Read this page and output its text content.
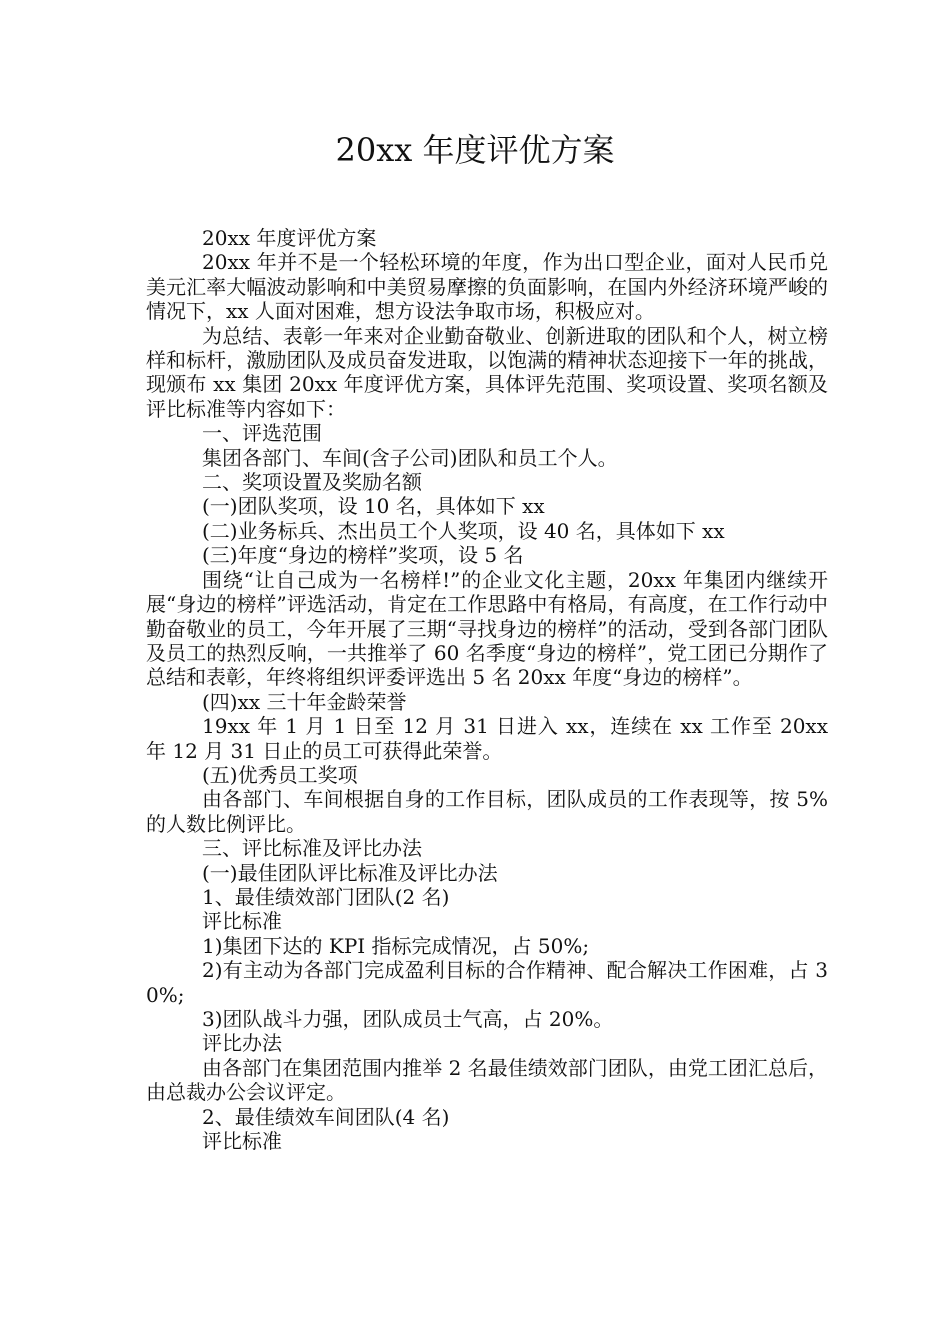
20xx 年度评优方案

20xx 年度评优方案

20xx 年并不是一个轻松环境的年度，作为出口型企业，面对人民币兑美元汇率大幅波动影响和中美贸易摩擦的负面影响，在国内外经济环境严峻的情况下，xx 人面对困难，想方设法争取市场，积极应对。

为总结、表彰一年来对企业勤奋敬业、创新进取的团队和个人，树立榜样和标杆，激励团队及成员奋发进取，以饱满的精神状态迎接下一年的挑战，现颁布 xx 集团 20xx 年度评优方案，具体评先范围、奖项设置、奖项名额及评比标准等内容如下：

一、评选范围

集团各部门、车间(含子公司)团队和员工个人。

二、奖项设置及奖励名额

(一)团队奖项，设 10 名，具体如下 xx

(二)业务标兵、杰出员工个人奖项，设 40 名，具体如下 xx

(三)年度“身边的榜样”奖项，设 5 名

围绕“让自己成为一名榜样!”的企业文化主题，20xx 年集团内继续开展“身边的榜样”评选活动，肯定在工作思路中有格局，有高度，在工作行动中勤奋敬业的员工，今年开展了三期“寻找身边的榜样”的活动，受到各部门团队及员工的热烈反响，一共推举了 60 名季度“身边的榜样”，党工团已分期作了总结和表彰，年终将组织评委评选出 5 名 20xx 年度“身边的榜样”。

(四)xx 三十年金龄荣誉

19xx 年 1 月 1 日至 12 月 31 日进入 xx，连续在 xx 工作至 20xx 年 12 月 31 日止的员工可获得此荣誉。

(五)优秀员工奖项

由各部门、车间根据自身的工作目标，团队成员的工作表现等，按 5%的人数比例评比。

三、评比标准及评比办法

(一)最佳团队评比标准及评比办法

1、最佳绩效部门团队(2 名)

评比标准

1)集团下达的 KPI 指标完成情况，占 50%;

2)有主动为各部门完成盈利目标的合作精神、配合解决工作困难，占 30%;

3)团队战斗力强，团队成员士气高，占 20%。

评比办法

由各部门在集团范围内推举 2 名最佳绩效部门团队，由党工团汇总后，由总裁办公会议评定。

2、最佳绩效车间团队(4 名)

评比标准
